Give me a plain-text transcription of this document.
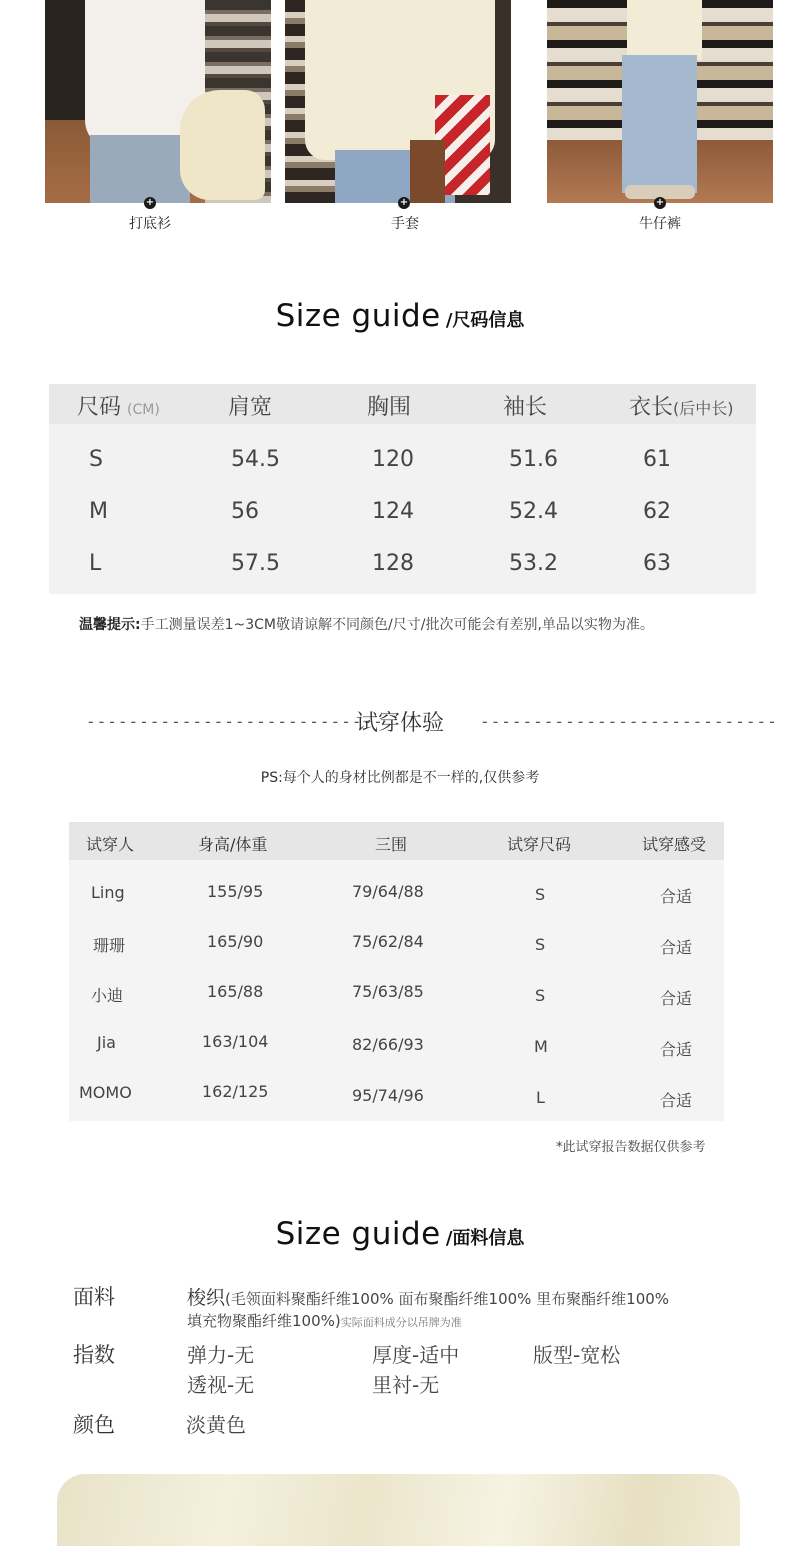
+
打底衫
+
手套
+
牛仔裤
Size guide /尺码信息
尺码 (CM)	肩宽	胸围	袖长	衣长(后中长)
S	54.5	120	51.6	61
M	56	124	52.4	62
L	57.5	128	53.2	63
温馨提示:手工测量误差1~3CM敬请谅解不同颜色/尺寸/批次可能会有差别,单品以实物为准。
----------------------------
试穿体验	----------------------------
PS:每个人的身材比例都是不一样的,仅供参考
试穿人	身高/体重	三围	试穿尺码	试穿感受
Ling	155/95	79/64/88	S	合适
珊珊	165/90	75/62/84	S	合适
小迪	165/88	75/63/85	S	合适
Jia	163/104	82/66/93	M	合适
MOMO	162/125	95/74/96	L	合适
*此试穿报告数据仅供参考
Size guide /面料信息
面料	梭织(毛领面料聚酯纤维100% 面布聚酯纤维100% 里布聚酯纤维100%
填充物聚酯纤维100%)实际面料成分以吊牌为准
指数	弹力-无	厚度-适中	版型-宽松
透视-无	里衬-无
颜色	淡黄色
